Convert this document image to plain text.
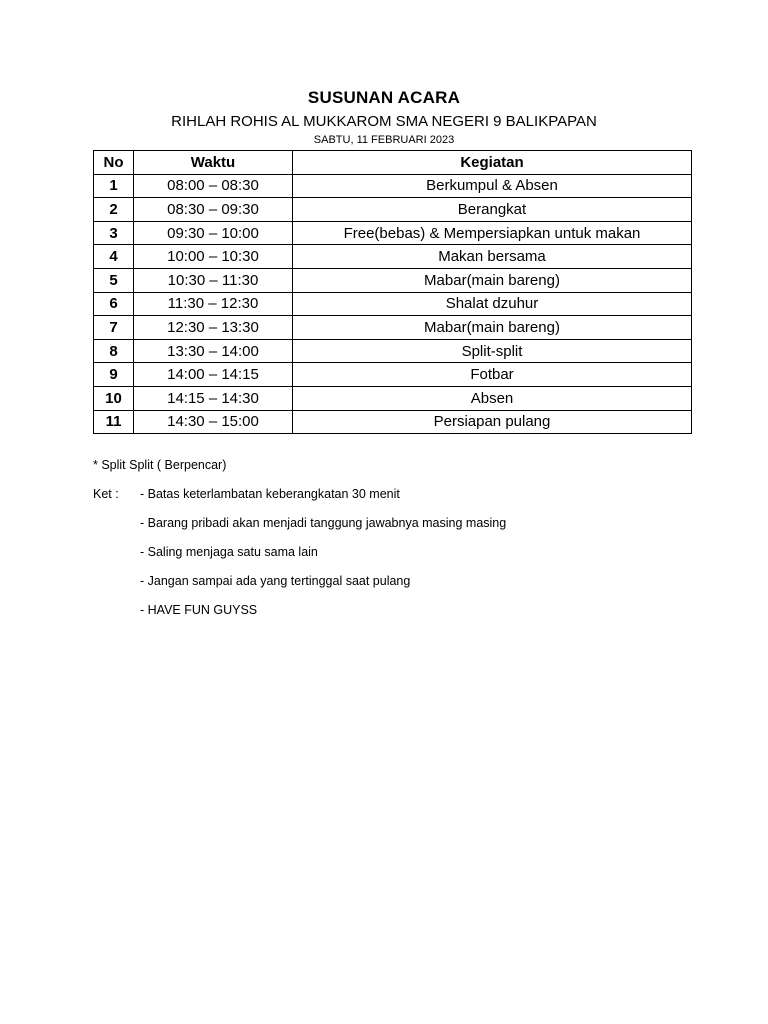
SUSUNAN ACARA
RIHLAH ROHIS AL MUKKAROM SMA NEGERI 9 BALIKPAPAN
SABTU, 11 FEBRUARI 2023
No	Waktu	Kegiatan
1	08:00 – 08:30	Berkumpul & Absen
2	08:30 – 09:30	Berangkat
3	09:30 – 10:00	Free(bebas) & Mempersiapkan untuk makan
4	10:00 – 10:30	Makan bersama
5	10:30 – 11:30	Mabar(main bareng)
6	11:30 – 12:30	Shalat dzuhur
7	12:30 – 13:30	Mabar(main bareng)
8	13:30 – 14:00	Split-split
9	14:00 – 14:15	Fotbar
10	14:15 – 14:30	Absen
11	14:30 – 15:00	Persiapan pulang
* Split Split ( Berpencar)
Ket : - Batas keterlambatan keberangkatan 30 menit
- Barang pribadi akan menjadi tanggung jawabnya masing masing
- Saling menjaga satu sama lain
- Jangan sampai ada yang tertinggal saat pulang
- HAVE FUN GUYSS
